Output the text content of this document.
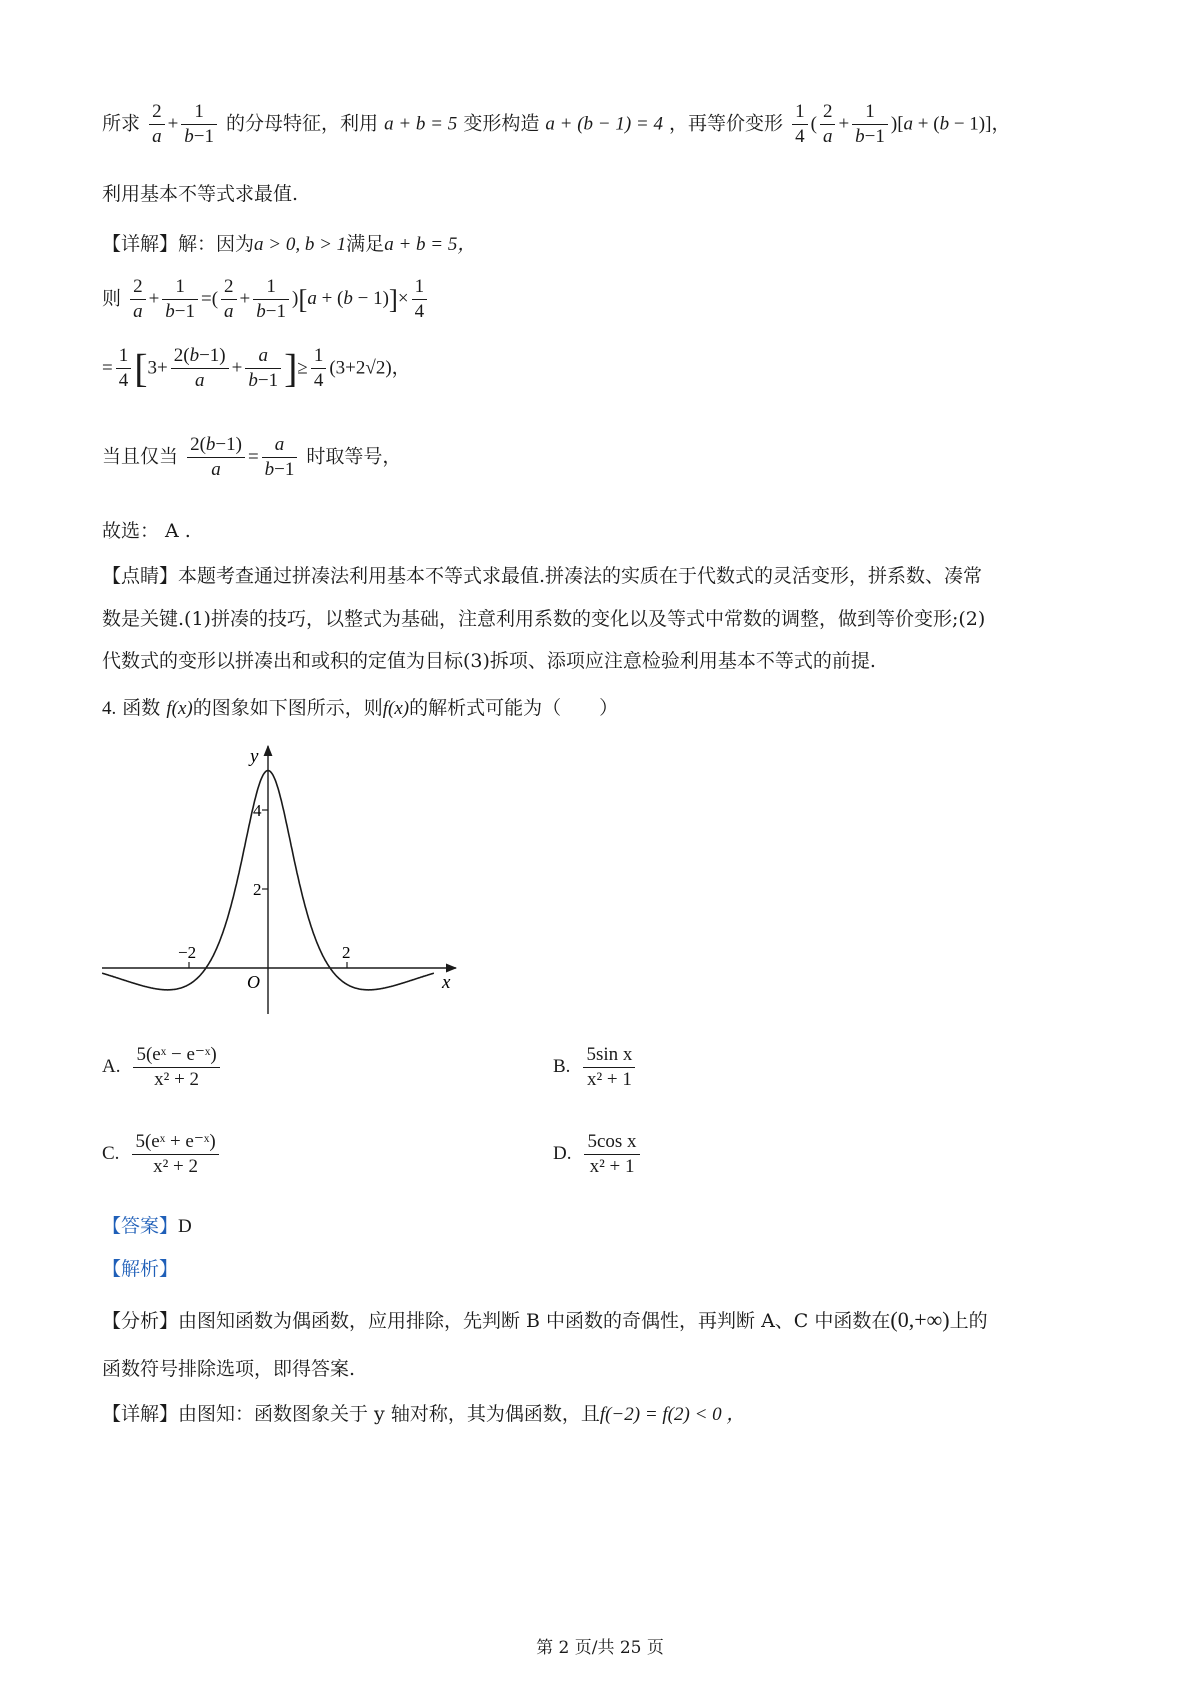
所求 $\frac{2}{a} + \frac{1}{b-1}$ 的分母特征，利用 a + b = 5 变形构造 a + (b − 1) = 4 ，再等价变形 $\frac{1}{4}$ ( $\frac{2}{a} + \frac{1}{b-1} )[a + (b - 1)]$，
利用基本不等式求最值.
【详解】解：因为a > 0, b > 1满足a + b = 5，
则 $\frac{2}{a} + \frac{1}{b-1}$ =( $\frac{2}{a} + \frac{1}{b-1} )[a + (b - 1)]\times \frac{1}{4}$
= $\frac{1}{4} [3+ \frac{2(b-1)}{a} + \frac{a}{b-1}$ ]≥ $\frac{1}{4} (3+2√2)$，
当且仅当 $\frac{2(b-1)}{a} = \frac{a}{b-1}$ 时取等号，
故选： A .
【点睛】本题考查通过拼凑法利用基本不等式求最值.拼凑法的实质在于代数式的灵活变形，拼系数、凑常
数是关键.(1)拼凑的技巧，以整式为基础，注意利用系数的变化以及等式中常数的调整，做到等价变形;(2)
代数式的变形以拼凑出和或积的定值为目标(3)拆项、添项应注意检验利用基本不等式的前提.
4. 函数 f(x)的图象如下图所示，则f(x)的解析式可能为（　　）
y
x
O
4
2
−2	2
A. $\frac{\text{5(eˣ − e⁻ˣ)}}{\text{x² + 2}}$	B. $\frac{\text{5sin x}}{\text{x² + 1}}$
C. $\frac{\text{5(eˣ + e⁻ˣ)}}{\text{x² + 2}}$	D. $\frac{\text{5cos x}}{\text{x² + 1}}$
【答案】D
【解析】
【分析】由图知函数为偶函数，应用排除，先判断 B 中函数的奇偶性，再判断 A、C 中函数在(0,+∞)上的
函数符号排除选项，即得答案.
【详解】由图知：函数图象关于 y 轴对称，其为偶函数，且f(−2) = f(2) < 0 ，
第 2 页/共 25 页
